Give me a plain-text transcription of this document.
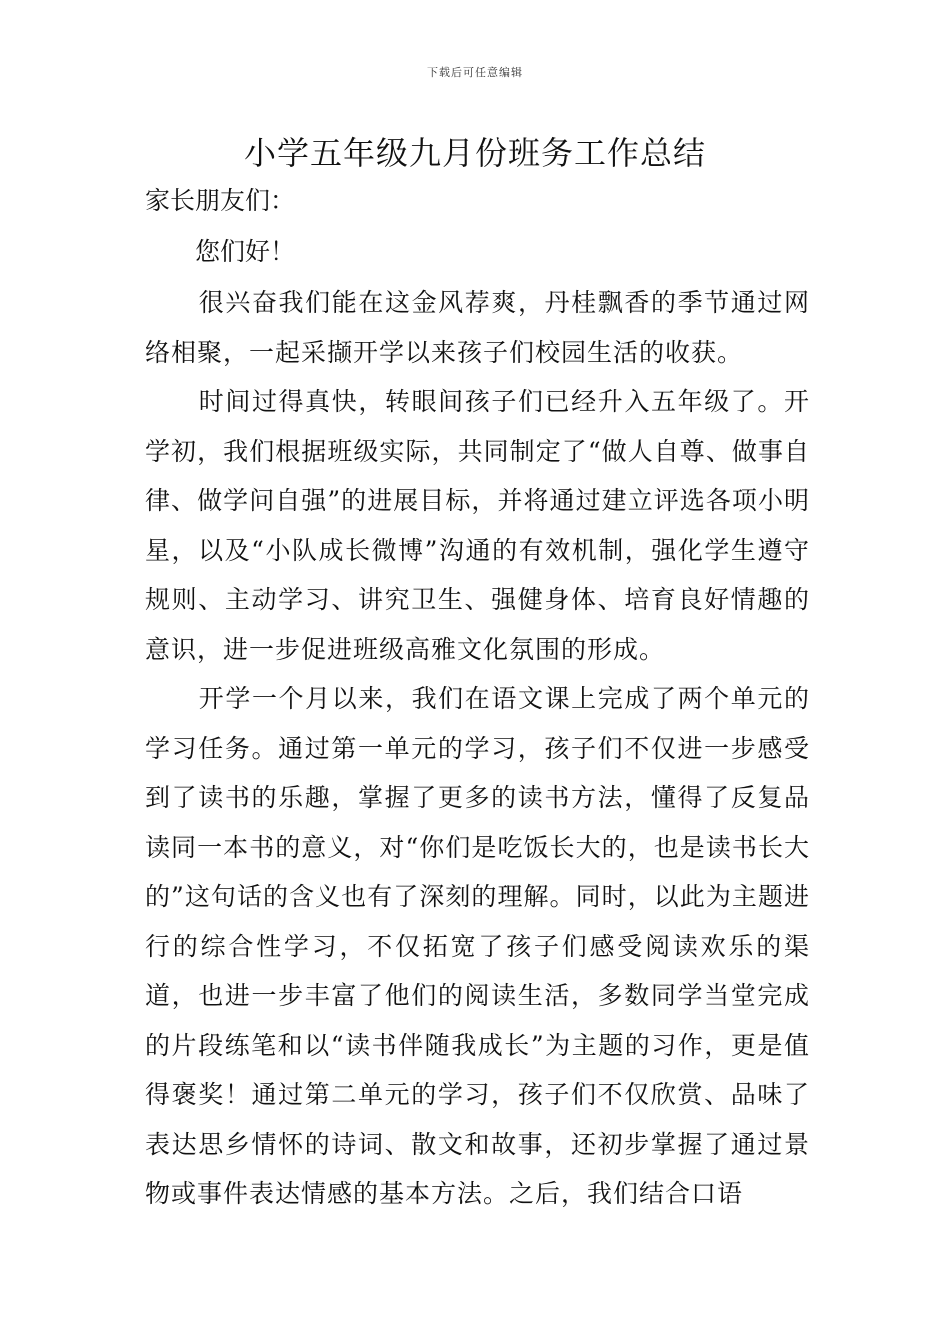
下载后可任意编辑
小学五年级九月份班务工作总结
家长朋友们：
您们好！

很兴奋我们能在这金风荐爽，丹桂飘香的季节通过网络相聚，一起采撷开学以来孩子们校园生活的收获。

时间过得真快，转眼间孩子们已经升入五年级了。开学初，我们根据班级实际，共同制定了“做人自尊、做事自律、做学问自强”的进展目标，并将通过建立评选各项小明星，以及“小队成长微博”沟通的有效机制，强化学生遵守规则、主动学习、讲究卫生、强健身体、培育良好情趣的意识，进一步促进班级高雅文化氛围的形成。

开学一个月以来，我们在语文课上完成了两个单元的学习任务。通过第一单元的学习，孩子们不仅进一步感受到了读书的乐趣，掌握了更多的读书方法，懂得了反复品读同一本书的意义，对“你们是吃饭长大的，也是读书长大的”这句话的含义也有了深刻的理解。同时，以此为主题进行的综合性学习，不仅拓宽了孩子们感受阅读欢乐的渠道，也进一步丰富了他们的阅读生活，多数同学当堂完成的片段练笔和以“读书伴随我成长”为主题的习作，更是值得褒奖！通过第二单元的学习，孩子们不仅欣赏、品味了表达思乡情怀的诗词、散文和故事，还初步掌握了通过景物或事件表达情感的基本方法。之后，我们结合口语
